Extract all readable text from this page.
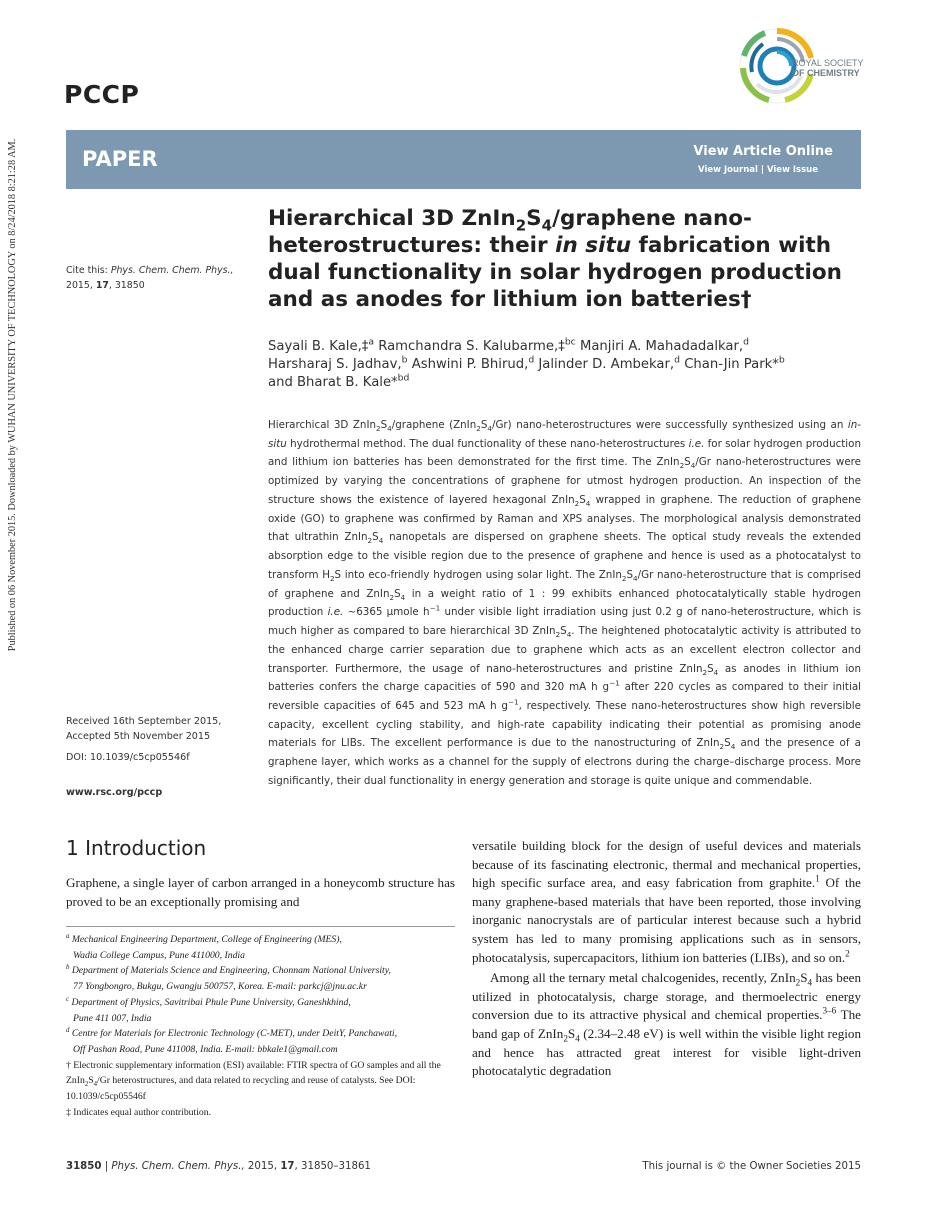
Published on 06 November 2015. Downloaded by WUHAN UNIVERSITY OF TECHNOLOGY on 8/24/2018 8:21:28 AM.
PCCP
ROYAL SOCIETY
OF CHEMISTRY
PAPER	View Article Online
View Journal | View Issue
Cite this: Phys. Chem. Chem. Phys.,
2015, 17, 31850
Hierarchical 3D $ZnIn_2S_4$/graphene nano-heterostructures: their in situ fabrication with dual functionality in solar hydrogen production and as anodes for lithium ion batteries†
Sayali B. Kale,‡$^a$ Ramchandra S. Kalubarme,‡$^{bc}$ Manjiri A. Mahadadalkar,$^d$
Harsharaj S. Jadhav,$^b$ Ashwini P. Bhirud,$^d$ Jalinder D. Ambekar,$^d$ Chan-Jin Park*$^b$
and Bharat B. Kale*$^{bd}$
Hierarchical 3D $ZnIn_2S_4$/graphene $(ZnIn_2S_4/Gr)$ nano-heterostructures were successfully synthesized using an in-situ hydrothermal method. The dual functionality of these nano-heterostructures i.e. for solar hydrogen production and lithium ion batteries has been demonstrated for the first time. The $ZnIn_2S_4/Gr$ nano-heterostructures were optimized by varying the concentrations of graphene for utmost hydrogen production. An inspection of the structure shows the existence of layered hexagonal $ZnIn_2S_4$ wrapped in graphene. The reduction of graphene oxide (GO) to graphene was confirmed by Raman and XPS analyses. The morphological analysis demonstrated that ultrathin $ZnIn_2S_4$ nanopetals are dispersed on graphene sheets. The optical study reveals the extended absorption edge to the visible region due to the presence of graphene and hence is used as a photocatalyst to transform $H_2S$ into eco-friendly hydrogen using solar light. The $ZnIn_2S_4/Gr$ nano-heterostructure that is comprised of graphene and $ZnIn_2S_4$ in a weight ratio of 1 : 99 exhibits enhanced photocatalytically stable hydrogen production i.e. ∼6365 μmole $h^{-1}$ under visible light irradiation using just 0.2 g of nano-heterostructure, which is much higher as compared to bare hierarchical 3D $ZnIn_2S_4$. The heightened photocatalytic activity is attributed to the enhanced charge carrier separation due to graphene which acts as an excellent electron collector and transporter. Furthermore, the usage of nano-heterostructures and pristine $ZnIn_2S_4$ as anodes in lithium ion batteries confers the charge capacities of 590 and 320 mA h $g^{-1}$ after 220 cycles as compared to their initial reversible capacities of 645 and 523 mA h $g^{-1}$, respectively. These nano-heterostructures show high reversible capacity, excellent cycling stability, and high-rate capability indicating their potential as promising anode materials for LIBs. The excellent performance is due to the nanostructuring of $ZnIn_2S_4$ and the presence of a graphene layer, which works as a channel for the supply of electrons during the charge–discharge process. More significantly, their dual functionality in energy generation and storage is quite unique and commendable.
Received 16th September 2015,
Accepted 5th November 2015
DOI: 10.1039/c5cp05546f
www.rsc.org/pccp
1 Introduction
Graphene, a single layer of carbon arranged in a honeycomb structure has proved to be an exceptionally promising and
$^a$ Mechanical Engineering Department, College of Engineering (MES),
Wadia College Campus, Pune 411000, India
$^b$ Department of Materials Science and Engineering, Chonnam National University,
77 Yongbongro, Bukgu, Gwangju 500757, Korea. E-mail: parkcj@jnu.ac.kr
$^c$ Department of Physics, Savitribai Phule Pune University, Ganeshkhind,
Pune 411 007, India
$^d$ Centre for Materials for Electronic Technology (C-MET), under DeitY, Panchawati,
Off Pashan Road, Pune 411008, India. E-mail: bbkale1@gmail.com
† Electronic supplementary information (ESI) available: FTIR spectra of GO samples and all the $ZnIn_2S_4/Gr$ heterostructures, and data related to recycling and reuse of catalysts. See DOI: 10.1039/c5cp05546f
‡ Indicates equal author contribution.

versatile building block for the design of useful devices and materials because of its fascinating electronic, thermal and mechanical properties, high specific surface area, and easy fabrication from graphite.$^1$ Of the many graphene-based materials that have been reported, those involving inorganic nanocrystals are of particular interest because such a hybrid system has led to many promising applications such as in sensors, photocatalysis, supercapacitors, lithium ion batteries (LIBs), and so on.$^2$

Among all the ternary metal chalcogenides, recently, $ZnIn_2S_4$ has been utilized in photocatalysis, charge storage, and thermoelectric energy conversion due to its attractive physical and chemical properties.$^{3-6}$ The band gap of $ZnIn_2S_4$ (2.34–2.48 eV) is well within the visible light region and hence has attracted great interest for visible light-driven photocatalytic degradation

31850 | Phys. Chem. Chem. Phys., 2015, 17, 31850–31861	This journal is © the Owner Societies 2015
